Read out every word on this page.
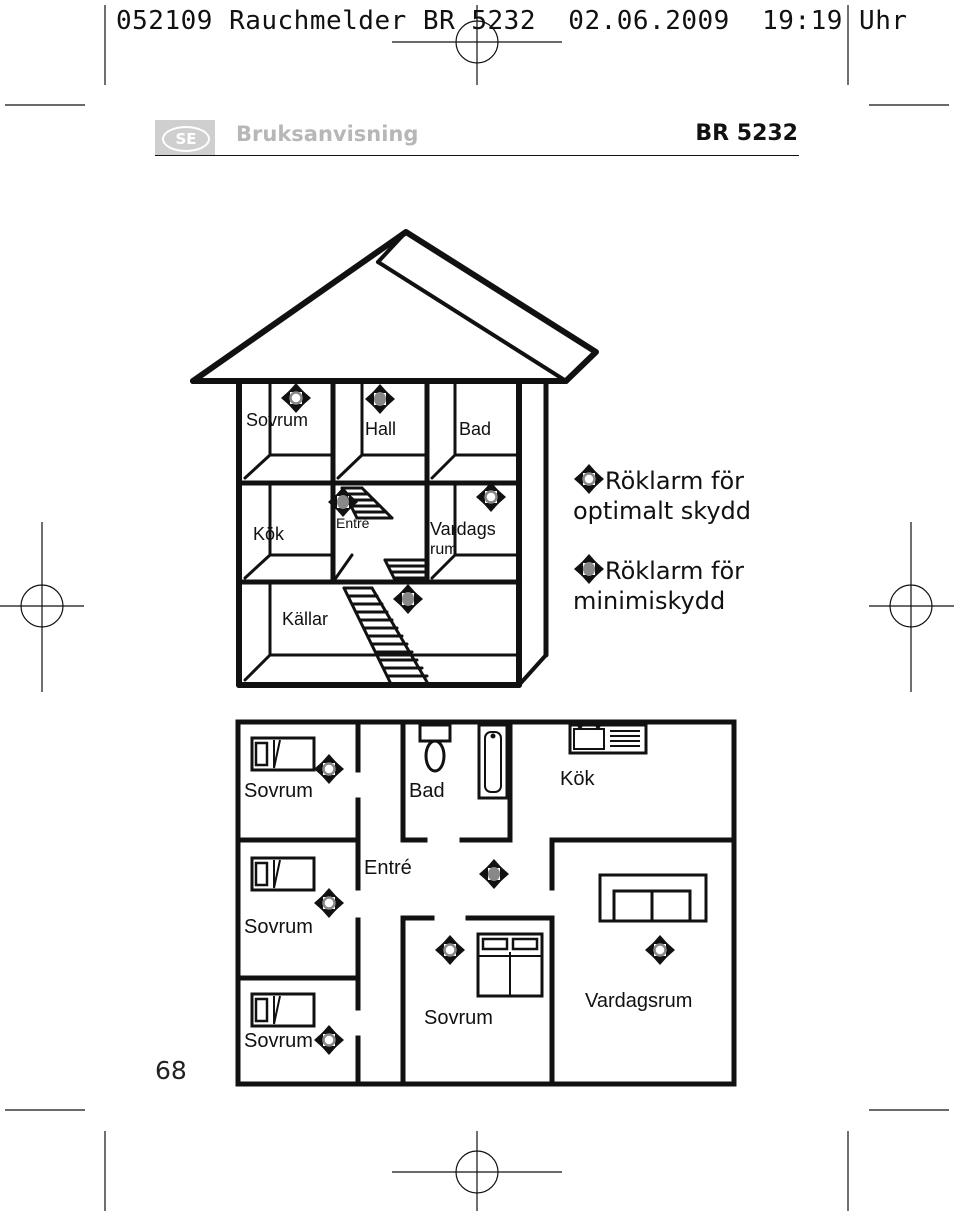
052109 Rauchmelder BR 5232  02.06.2009  19:19 Uhr
SE	Bruksanvisning	BR 5232
Sovrum	Hall	Bad
Kök
Entré	Vardags
rum
Källar
Sovrum
Sovrum
Sovrum
Sovrum
Bad
Kök
Entré
Vardagsrum
Röklarm för
optimalt skydd
Röklarm för
minimiskydd
68
